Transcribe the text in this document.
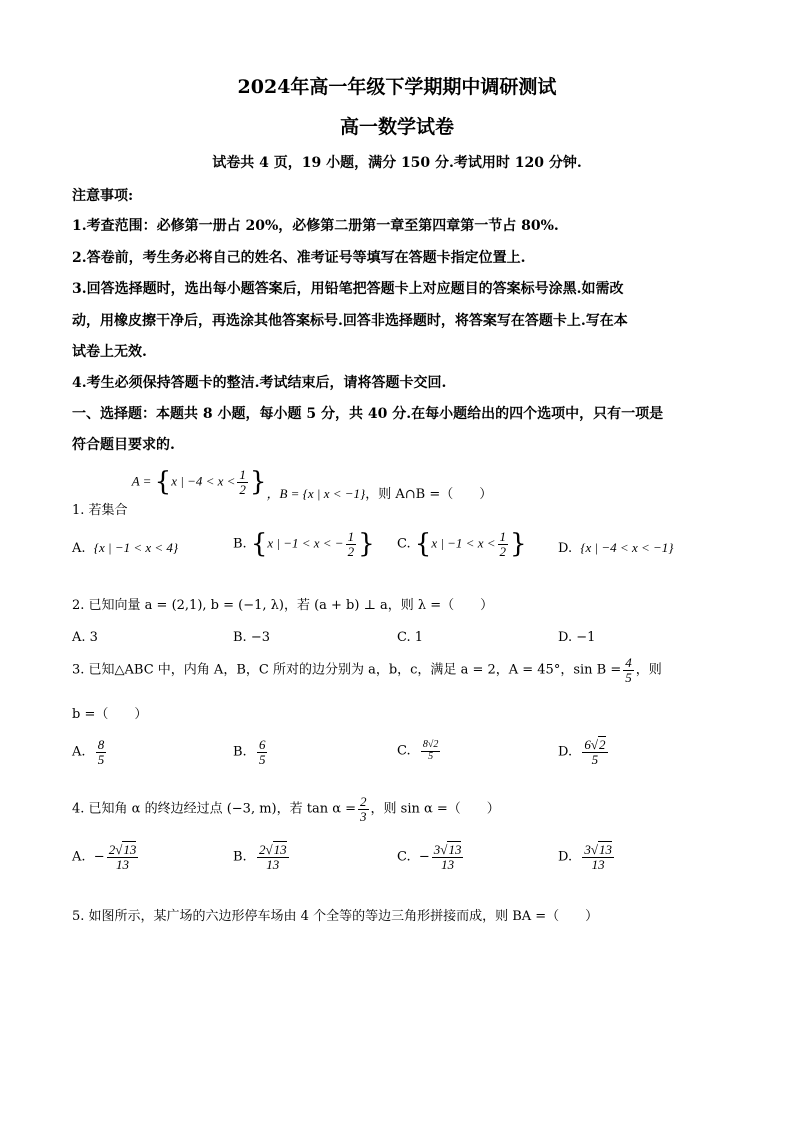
2024年高一年级下学期期中调研测试
高一数学试卷
试卷共 4 页，19 小题，满分 150 分.考试用时 120 分钟.
注意事项:
1.考查范围：必修第一册占 20%，必修第二册第一章至第四章第一节占 80%.
2.答卷前，考生务必将自己的姓名、准考证号等填写在答题卡指定位置上.
3.回答选择题时，选出每小题答案后，用铅笔把答题卡上对应题目的答案标号涂黑.如需改
动，用橡皮擦干净后，再选涂其他答案标号.回答非选择题时，将答案写在答题卡上.写在本
试卷上无效.
4.考生必须保持答题卡的整洁.考试结束后，请将答题卡交回.
一、选择题：本题共 8 小题，每小题 5 分，共 40 分.在每小题给出的四个选项中，只有一项是
符合题目要求的.
1. 若集合 A = {x | $-4 < x < \frac{1}{2}$ }，B = {x | x < −1}，则 A∩B =（　　）
A. {x | −1 < x < 4}	B. {x | −1 < x < − $\frac{1}{2}$ } C. {x | $-1 < x < \frac{1}{2}$ } D. {x | −4 < x < −1}
2. 已知向量 a = (2,1), b = (−1, λ)，若 (a + b) ⊥ a，则 λ =（　　）
A. 3	B. −3	C. 1	D. −1
3. 已知△ABC 中，内角 A，B，C 所对的边分别为 a，b，c，满足 a = 2，A = 45°，$\sin B = \frac{4}{5}$ ，则
b =（　　）
A. $\frac{8}{5}$	B. $\frac{6}{5}$	C. $\frac{8√2}{5}$	D. $\frac{6√2}{5}$
4. 已知角 α 的终边经过点 (−3, m)，若 $\tan \alpha = \frac{2}{3}$ ，则 sin α =（　　）
A. − $\frac{2√13}{13}$	B. $\frac{2√13}{13}$	C. − $\frac{3√13}{13}$	D. $\frac{3√13}{13}$
5. 如图所示，某广场的六边形停车场由 4 个全等的等边三角形拼接而成，则 BA =（　　）
